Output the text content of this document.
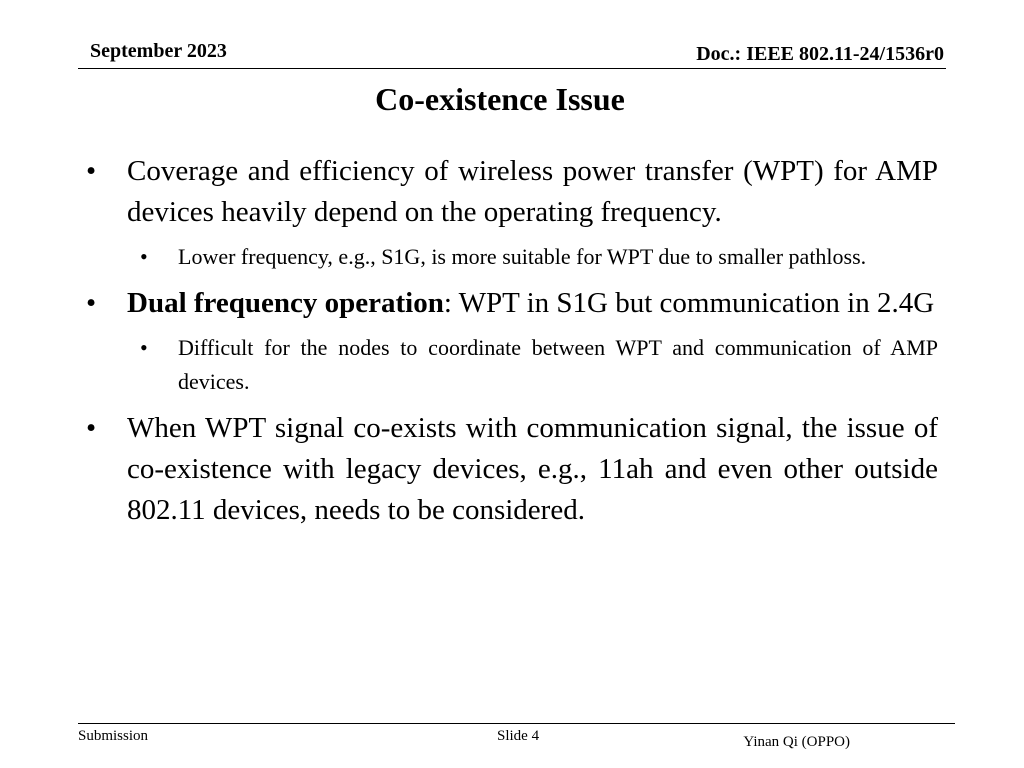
September 2023	Doc.: IEEE 802.11-24/1536r0
Co-existence Issue
• Coverage and efficiency of wireless power transfer (WPT) for AMP devices heavily depend on the operating frequency.
• Lower frequency, e.g., S1G, is more suitable for WPT due to smaller pathloss.
• Dual frequency operation: WPT in S1G but communication in 2.4G
• Difficult for the nodes to coordinate between WPT and communication of AMP devices.
• When WPT signal co-exists with communication signal, the issue of co-existence with legacy devices, e.g., 11ah and even other outside 802.11 devices, needs to be considered.
Submission	Slide 4	Yinan Qi (OPPO)
